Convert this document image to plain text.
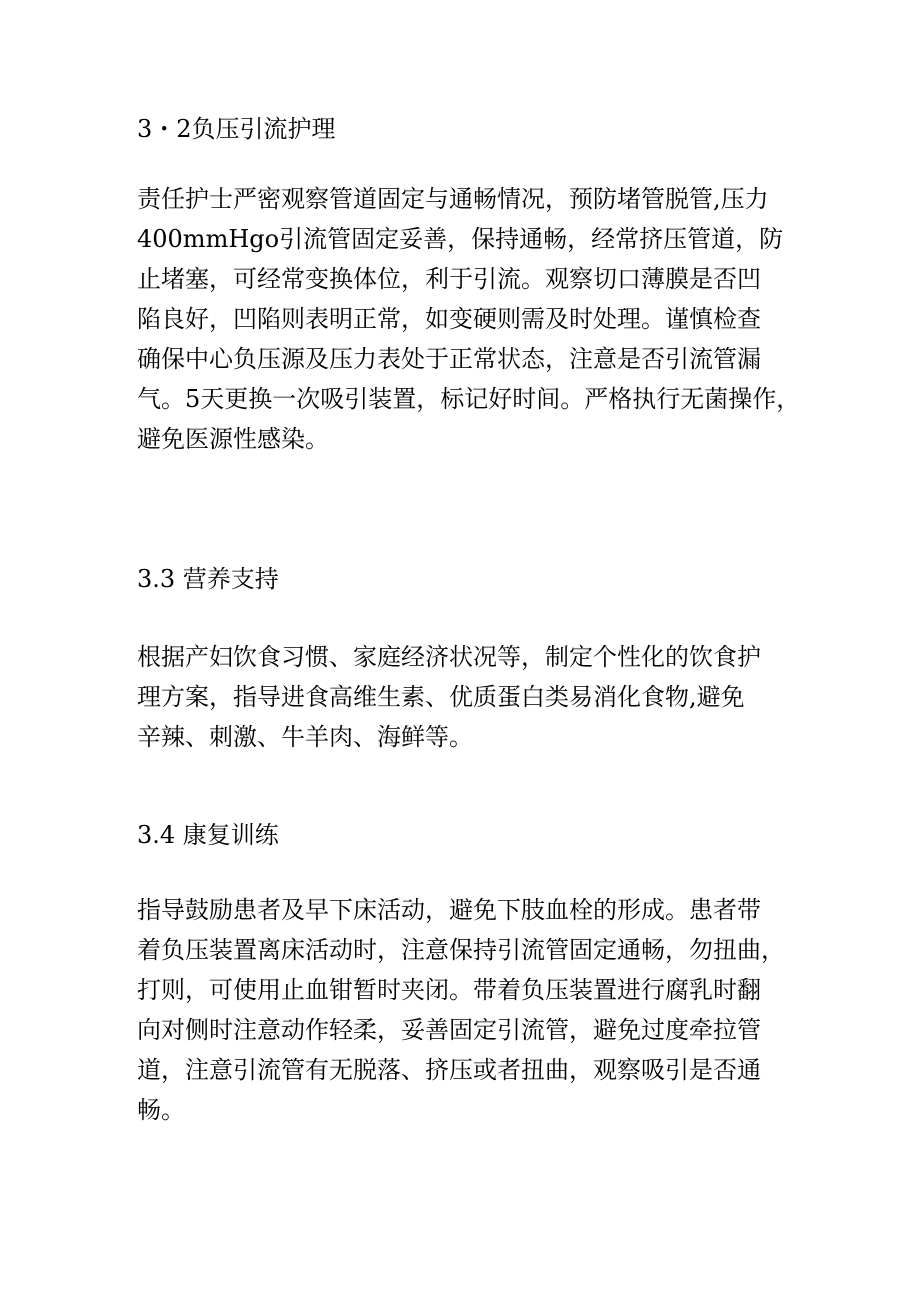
3・2负压引流护理
责任护士严密观察管道固定与通畅情况，预防堵管脱管,压力
400mmHgo引流管固定妥善，保持通畅，经常挤压管道，防
止堵塞，可经常变换体位，利于引流。观察切口薄膜是否凹
陷良好，凹陷则表明正常，如变硬则需及时处理。谨慎检查
确保中心负压源及压力表处于正常状态，注意是否引流管漏
气。5天更换一次吸引装置，标记好时间。严格执行无菌操作，
避免医源性感染。
3.3 营养支持
根据产妇饮食习惯、家庭经济状况等，制定个性化的饮食护
理方案，指导进食高维生素、优质蛋白类易消化食物,避免
辛辣、刺激、牛羊肉、海鲜等。
3.4 康复训练
指导鼓励患者及早下床活动，避免下肢血栓的形成。患者带
着负压装置离床活动时，注意保持引流管固定通畅，勿扭曲，
打则，可使用止血钳暂时夹闭。带着负压装置进行腐乳时翻
向对侧时注意动作轻柔，妥善固定引流管，避免过度牵拉管
道，注意引流管有无脱落、挤压或者扭曲，观察吸引是否通
畅。
